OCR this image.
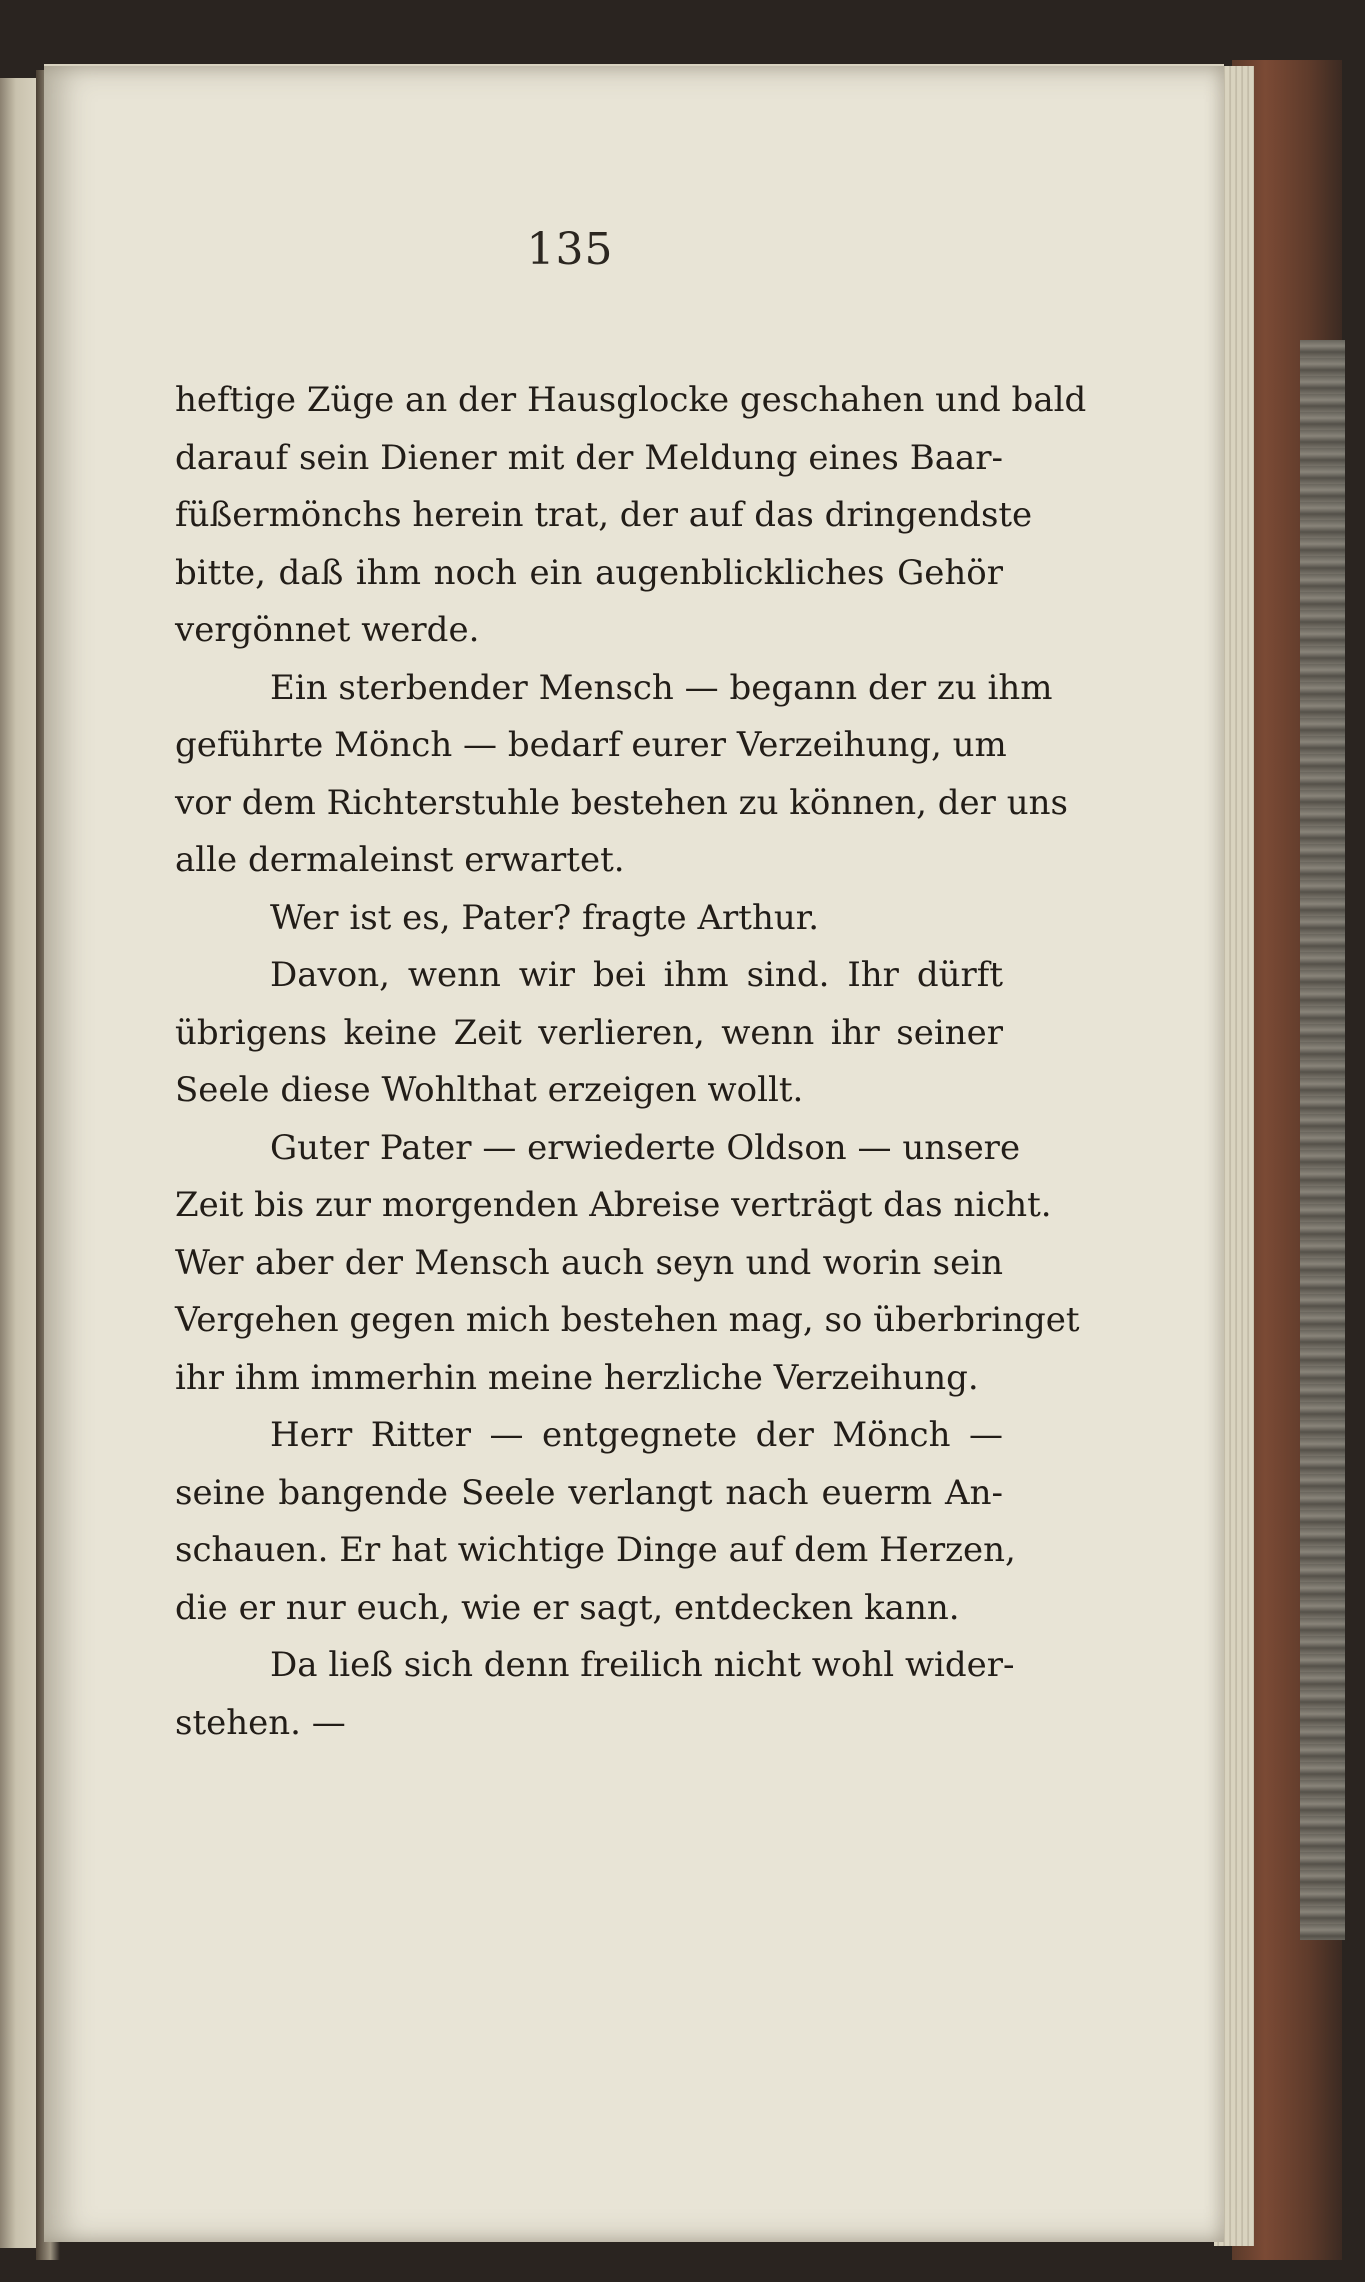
135
heftige Züge an der Hausglocke geschahen und bald
darauf sein Diener mit der Meldung eines Baar-
füßermönchs herein trat, der auf das dringendste
bitte, daß ihm noch ein augenblickliches Gehör
vergönnet werde.
Ein sterbender Mensch — begann der zu ihm
geführte Mönch — bedarf eurer Verzeihung, um
vor dem Richterstuhle bestehen zu können, der uns
alle dermaleinst erwartet.
Wer ist es, Pater? fragte Arthur.
Davon, wenn wir bei ihm sind. Ihr dürft
übrigens keine Zeit verlieren, wenn ihr seiner
Seele diese Wohlthat erzeigen wollt.
Guter Pater — erwiederte Oldson — unsere
Zeit bis zur morgenden Abreise verträgt das nicht.
Wer aber der Mensch auch seyn und worin sein
Vergehen gegen mich bestehen mag, so überbringet
ihr ihm immerhin meine herzliche Verzeihung.
Herr Ritter — entgegnete der Mönch —
seine bangende Seele verlangt nach euerm An-
schauen. Er hat wichtige Dinge auf dem Herzen,
die er nur euch, wie er sagt, entdecken kann.
Da ließ sich denn freilich nicht wohl wider-
stehen. —
